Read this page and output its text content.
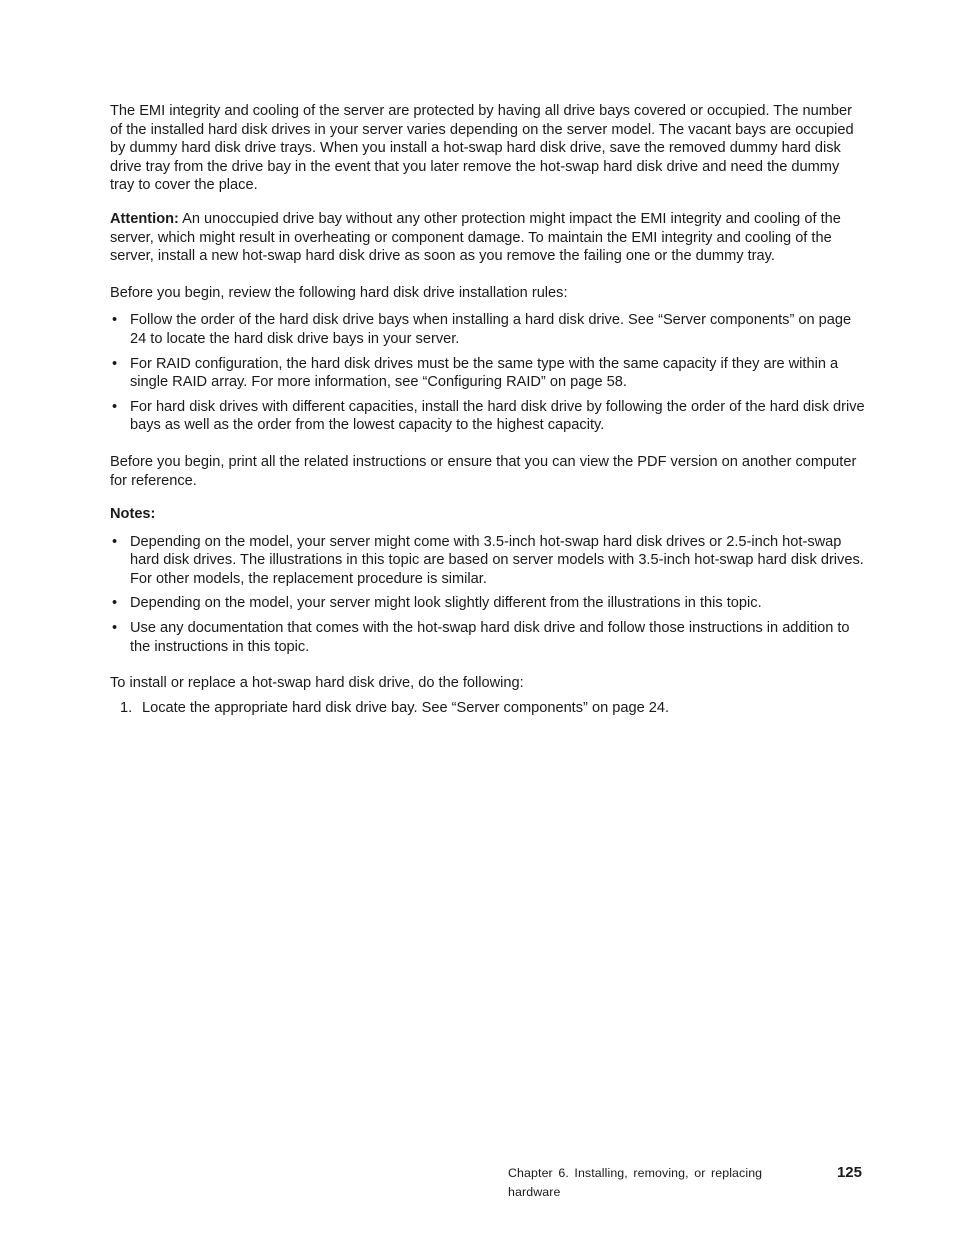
The EMI integrity and cooling of the server are protected by having all drive bays covered or occupied. The number of the installed hard disk drives in your server varies depending on the server model. The vacant bays are occupied by dummy hard disk drive trays. When you install a hot-swap hard disk drive, save the removed dummy hard disk drive tray from the drive bay in the event that you later remove the hot-swap hard disk drive and need the dummy tray to cover the place.

Attention: An unoccupied drive bay without any other protection might impact the EMI integrity and cooling of the server, which might result in overheating or component damage. To maintain the EMI integrity and cooling of the server, install a new hot-swap hard disk drive as soon as you remove the failing one or the dummy tray.

Before you begin, review the following hard disk drive installation rules:

• Follow the order of the hard disk drive bays when installing a hard disk drive. See “Server components” on page 24 to locate the hard disk drive bays in your server.
• For RAID configuration, the hard disk drives must be the same type with the same capacity if they are within a single RAID array. For more information, see “Configuring RAID” on page 58.
• For hard disk drives with different capacities, install the hard disk drive by following the order of the hard disk drive bays as well as the order from the lowest capacity to the highest capacity.

Before you begin, print all the related instructions or ensure that you can view the PDF version on another computer for reference.

Notes:

• Depending on the model, your server might come with 3.5-inch hot-swap hard disk drives or 2.5-inch hot-swap hard disk drives. The illustrations in this topic are based on server models with 3.5-inch hot-swap hard disk drives. For other models, the replacement procedure is similar.
• Depending on the model, your server might look slightly different from the illustrations in this topic.
• Use any documentation that comes with the hot-swap hard disk drive and follow those instructions in addition to the instructions in this topic.

To install or replace a hot-swap hard disk drive, do the following:

1. Locate the appropriate hard disk drive bay. See “Server components” on page 24.
Chapter 6. Installing, removing, or replacing hardware
125
